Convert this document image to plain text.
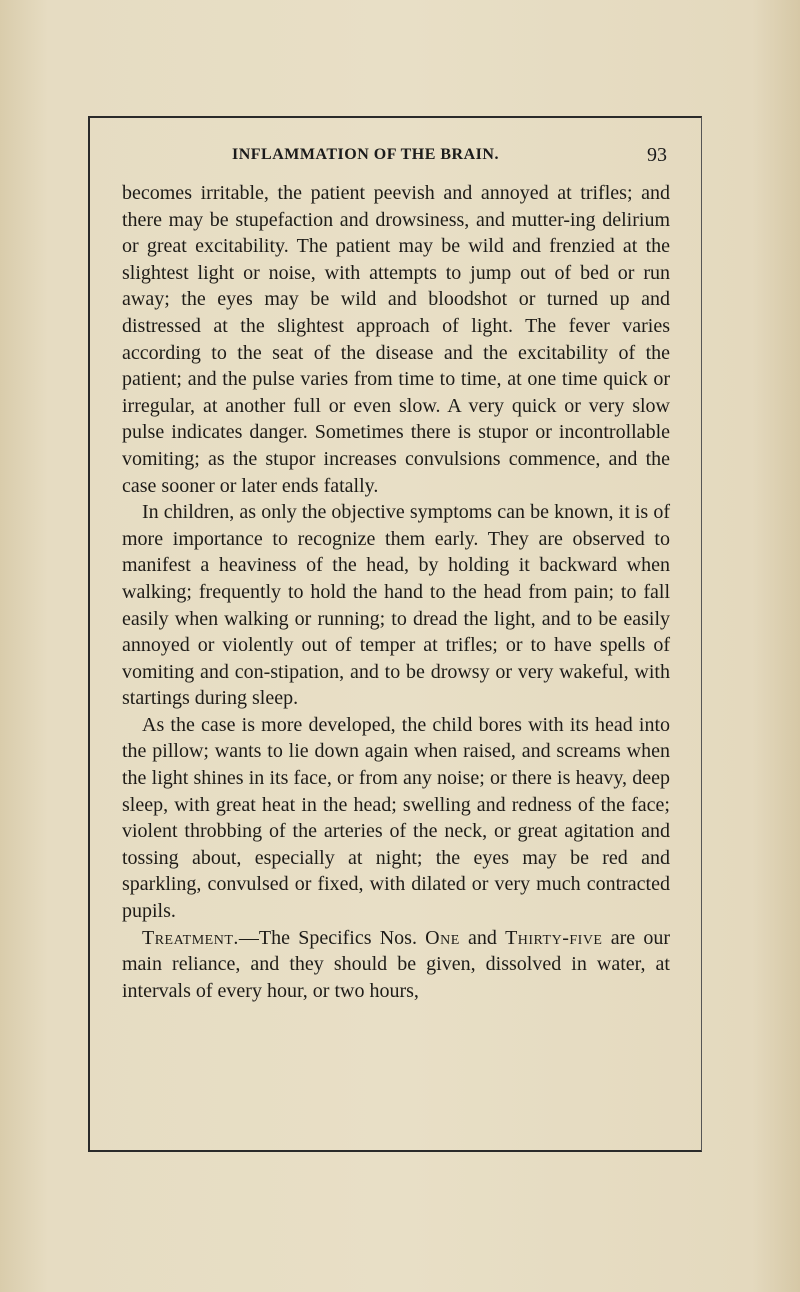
INFLAMMATION OF THE BRAIN.	93

becomes irritable, the patient peevish and annoyed at trifles; and there may be stupefaction and drowsiness, and mutter-ing delirium or great excitability. The patient may be wild and frenzied at the slightest light or noise, with attempts to jump out of bed or run away; the eyes may be wild and bloodshot or turned up and distressed at the slightest approach of light. The fever varies according to the seat of the disease and the excitability of the patient; and the pulse varies from time to time, at one time quick or irregular, at another full or even slow. A very quick or very slow pulse indicates danger. Sometimes there is stupor or incontrollable vomiting; as the stupor increases convulsions commence, and the case sooner or later ends fatally.

In children, as only the objective symptoms can be known, it is of more importance to recognize them early. They are observed to manifest a heaviness of the head, by holding it backward when walking; frequently to hold the hand to the head from pain; to fall easily when walking or running; to dread the light, and to be easily annoyed or violently out of temper at trifles; or to have spells of vomiting and con-stipation, and to be drowsy or very wakeful, with startings during sleep.

As the case is more developed, the child bores with its head into the pillow; wants to lie down again when raised, and screams when the light shines in its face, or from any noise; or there is heavy, deep sleep, with great heat in the head; swelling and redness of the face; violent throbbing of the arteries of the neck, or great agitation and tossing about, especially at night; the eyes may be red and sparkling, convulsed or fixed, with dilated or very much contracted pupils.

Treatment.—The Specifics Nos. One and Thirty-five are our main reliance, and they should be given, dissolved in water, at intervals of every hour, or two hours,
